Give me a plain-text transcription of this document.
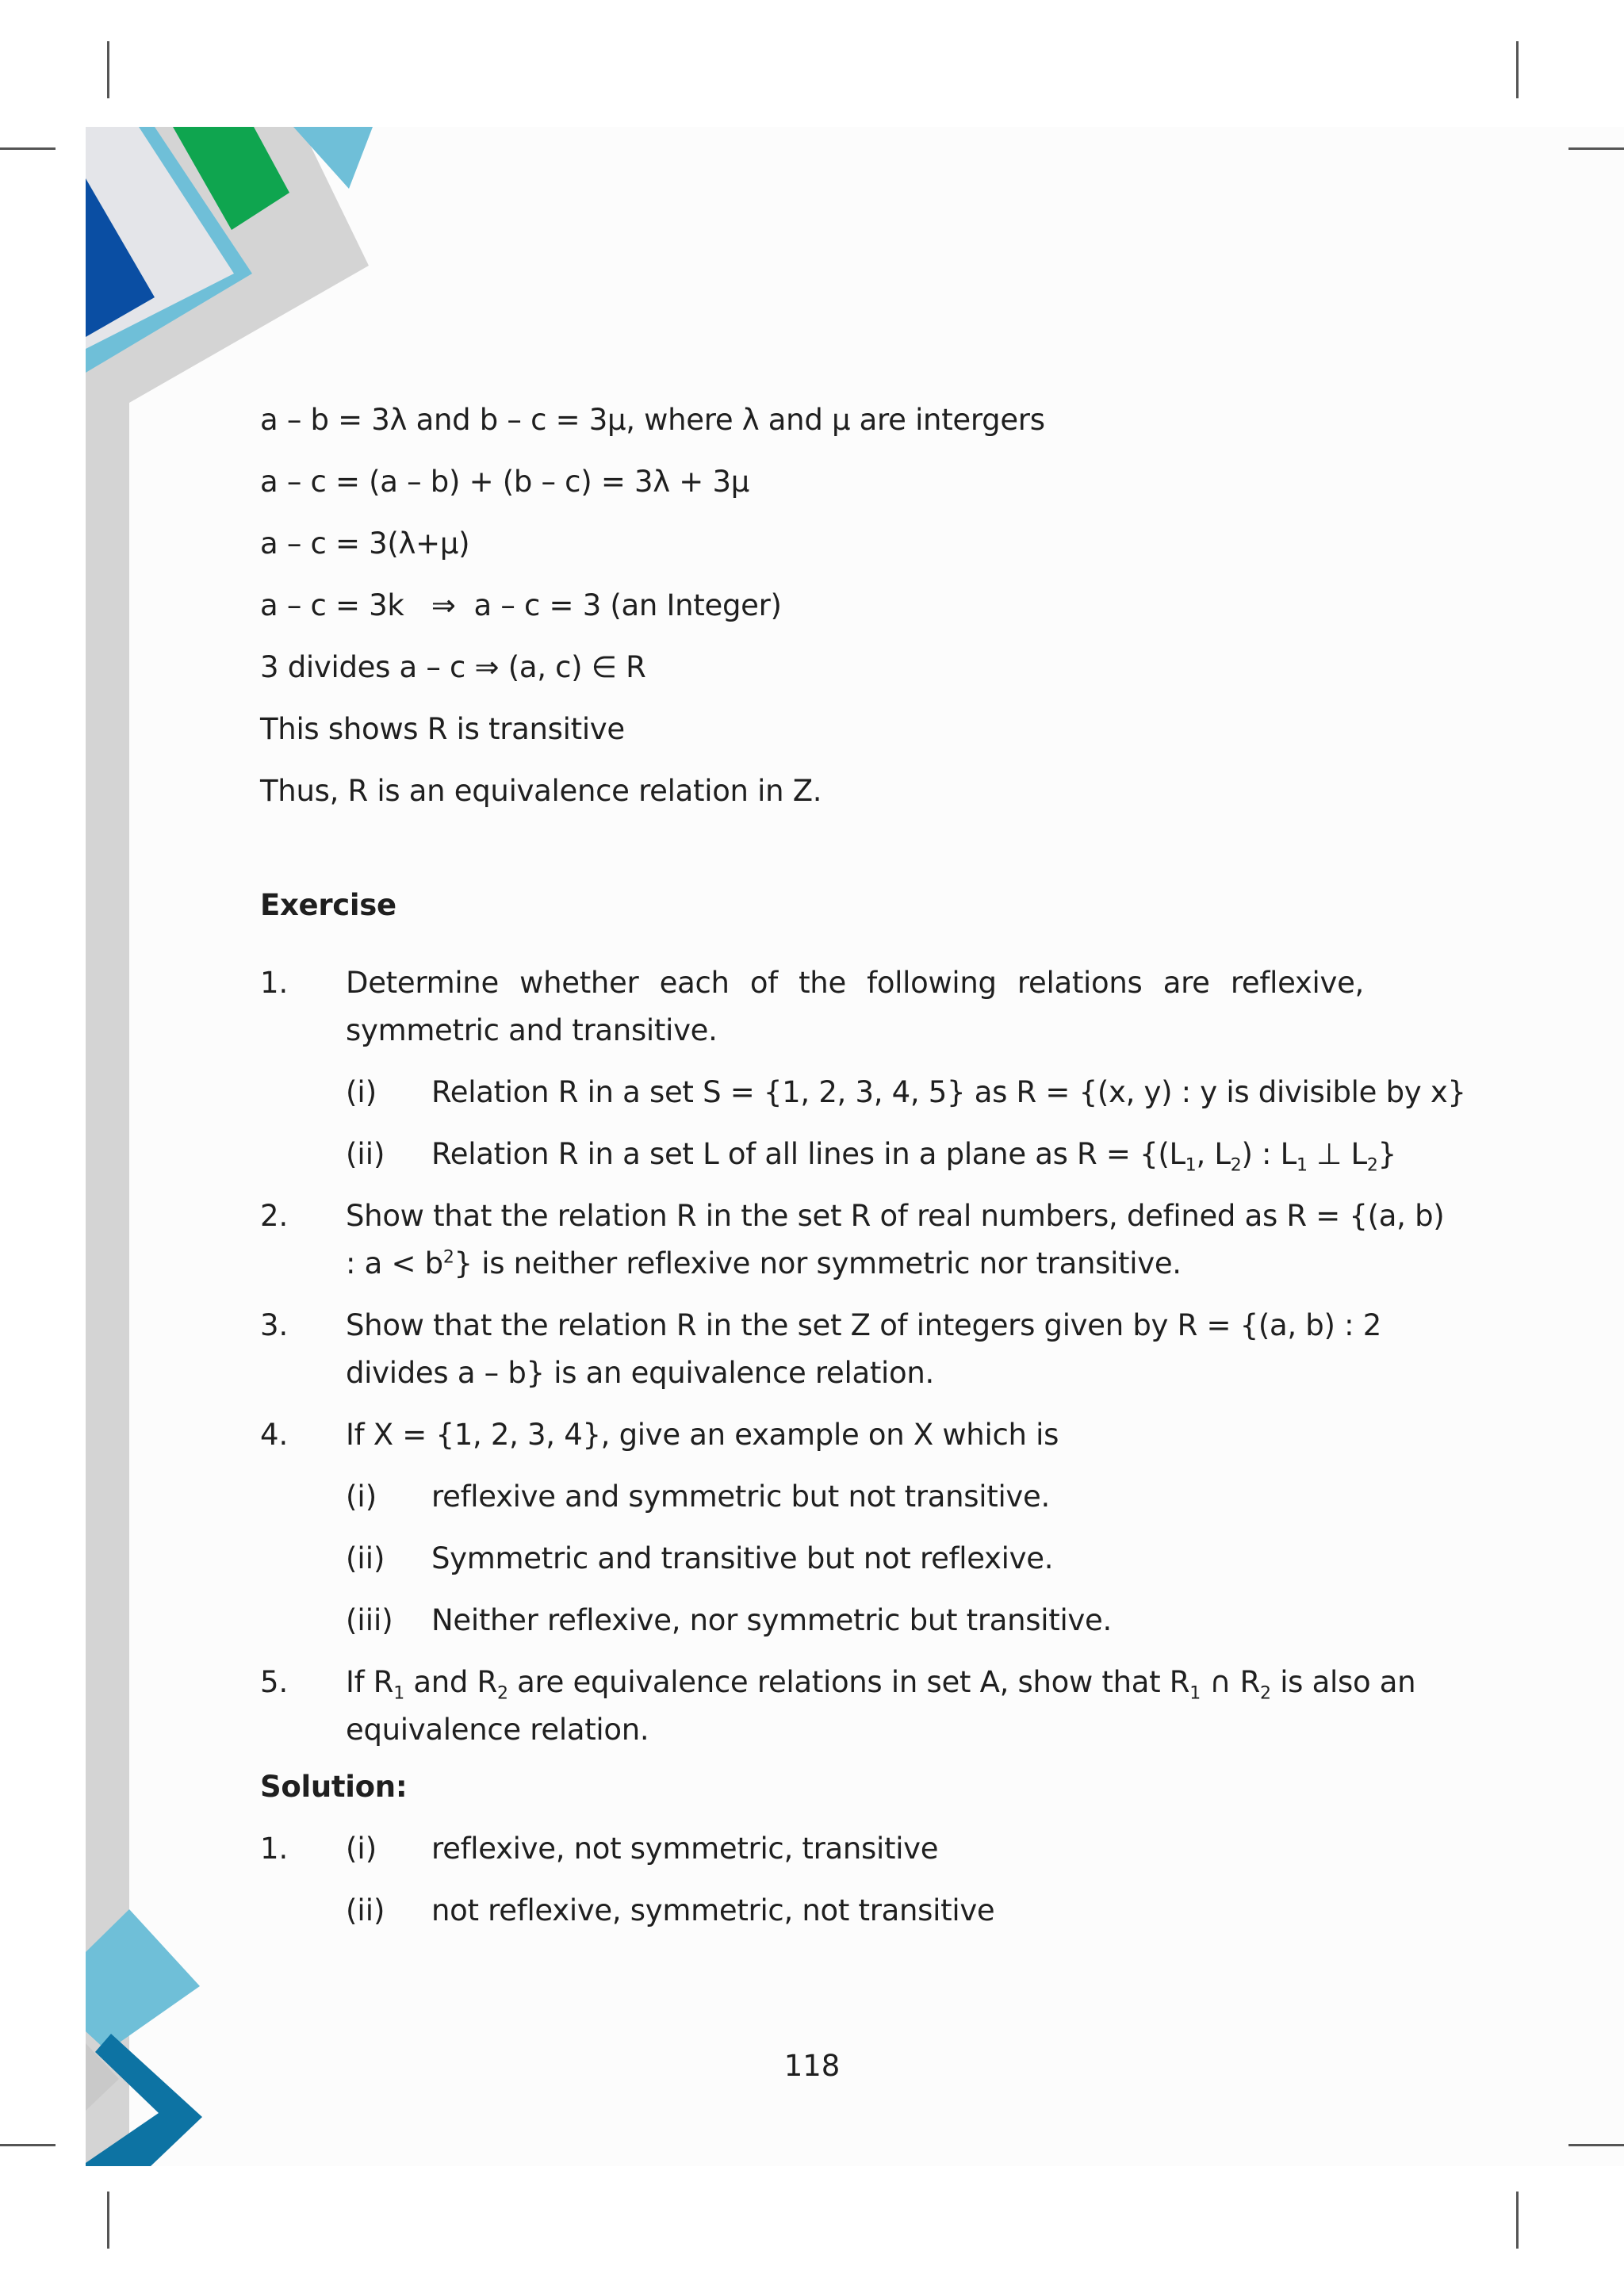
a – b = 3λ and b – c = 3μ, where λ and μ are intergers
a – c = (a – b) + (b – c) = 3λ + 3μ
a – c = 3(λ+μ)
a – c = 3k   ⇒  a – c = 3 (an Integer)
3 divides a – c ⇒ (a, c) ∈ R
This shows R is transitive
Thus, R is an equivalence relation in Z.
Exercise
1. Determine whether each of the following relations are reflexive,
symmetric and transitive.
(i) Relation R in a set S = {1, 2, 3, 4, 5} as R = {(x, y) : y is divisible by x}
(ii) Relation R in a set L of all lines in a plane as $R = \{(L_1$, $L_2$) : $L_1$ ⊥ $L_2$}
2. Show that the relation R in the set R of real numbers, defined as R = {(a, b)
: $a < b^2$} is neither reflexive nor symmetric nor transitive.
3. Show that the relation R in the set Z of integers given by R = {(a, b) : 2
divides a – b} is an equivalence relation.
4. If X = {1, 2, 3, 4}, give an example on X which is
(i) reflexive and symmetric but not transitive.
(ii) Symmetric and transitive but not reflexive.
(iii) Neither reflexive, nor symmetric but transitive.
5. If $R_1$ and $R_2$ are equivalence relations in set A, show that $R_1$ ∩ $R_2$ is also an
equivalence relation.
Solution:
1. (i) reflexive, not symmetric, transitive
(ii) not reflexive, symmetric, not transitive
118
